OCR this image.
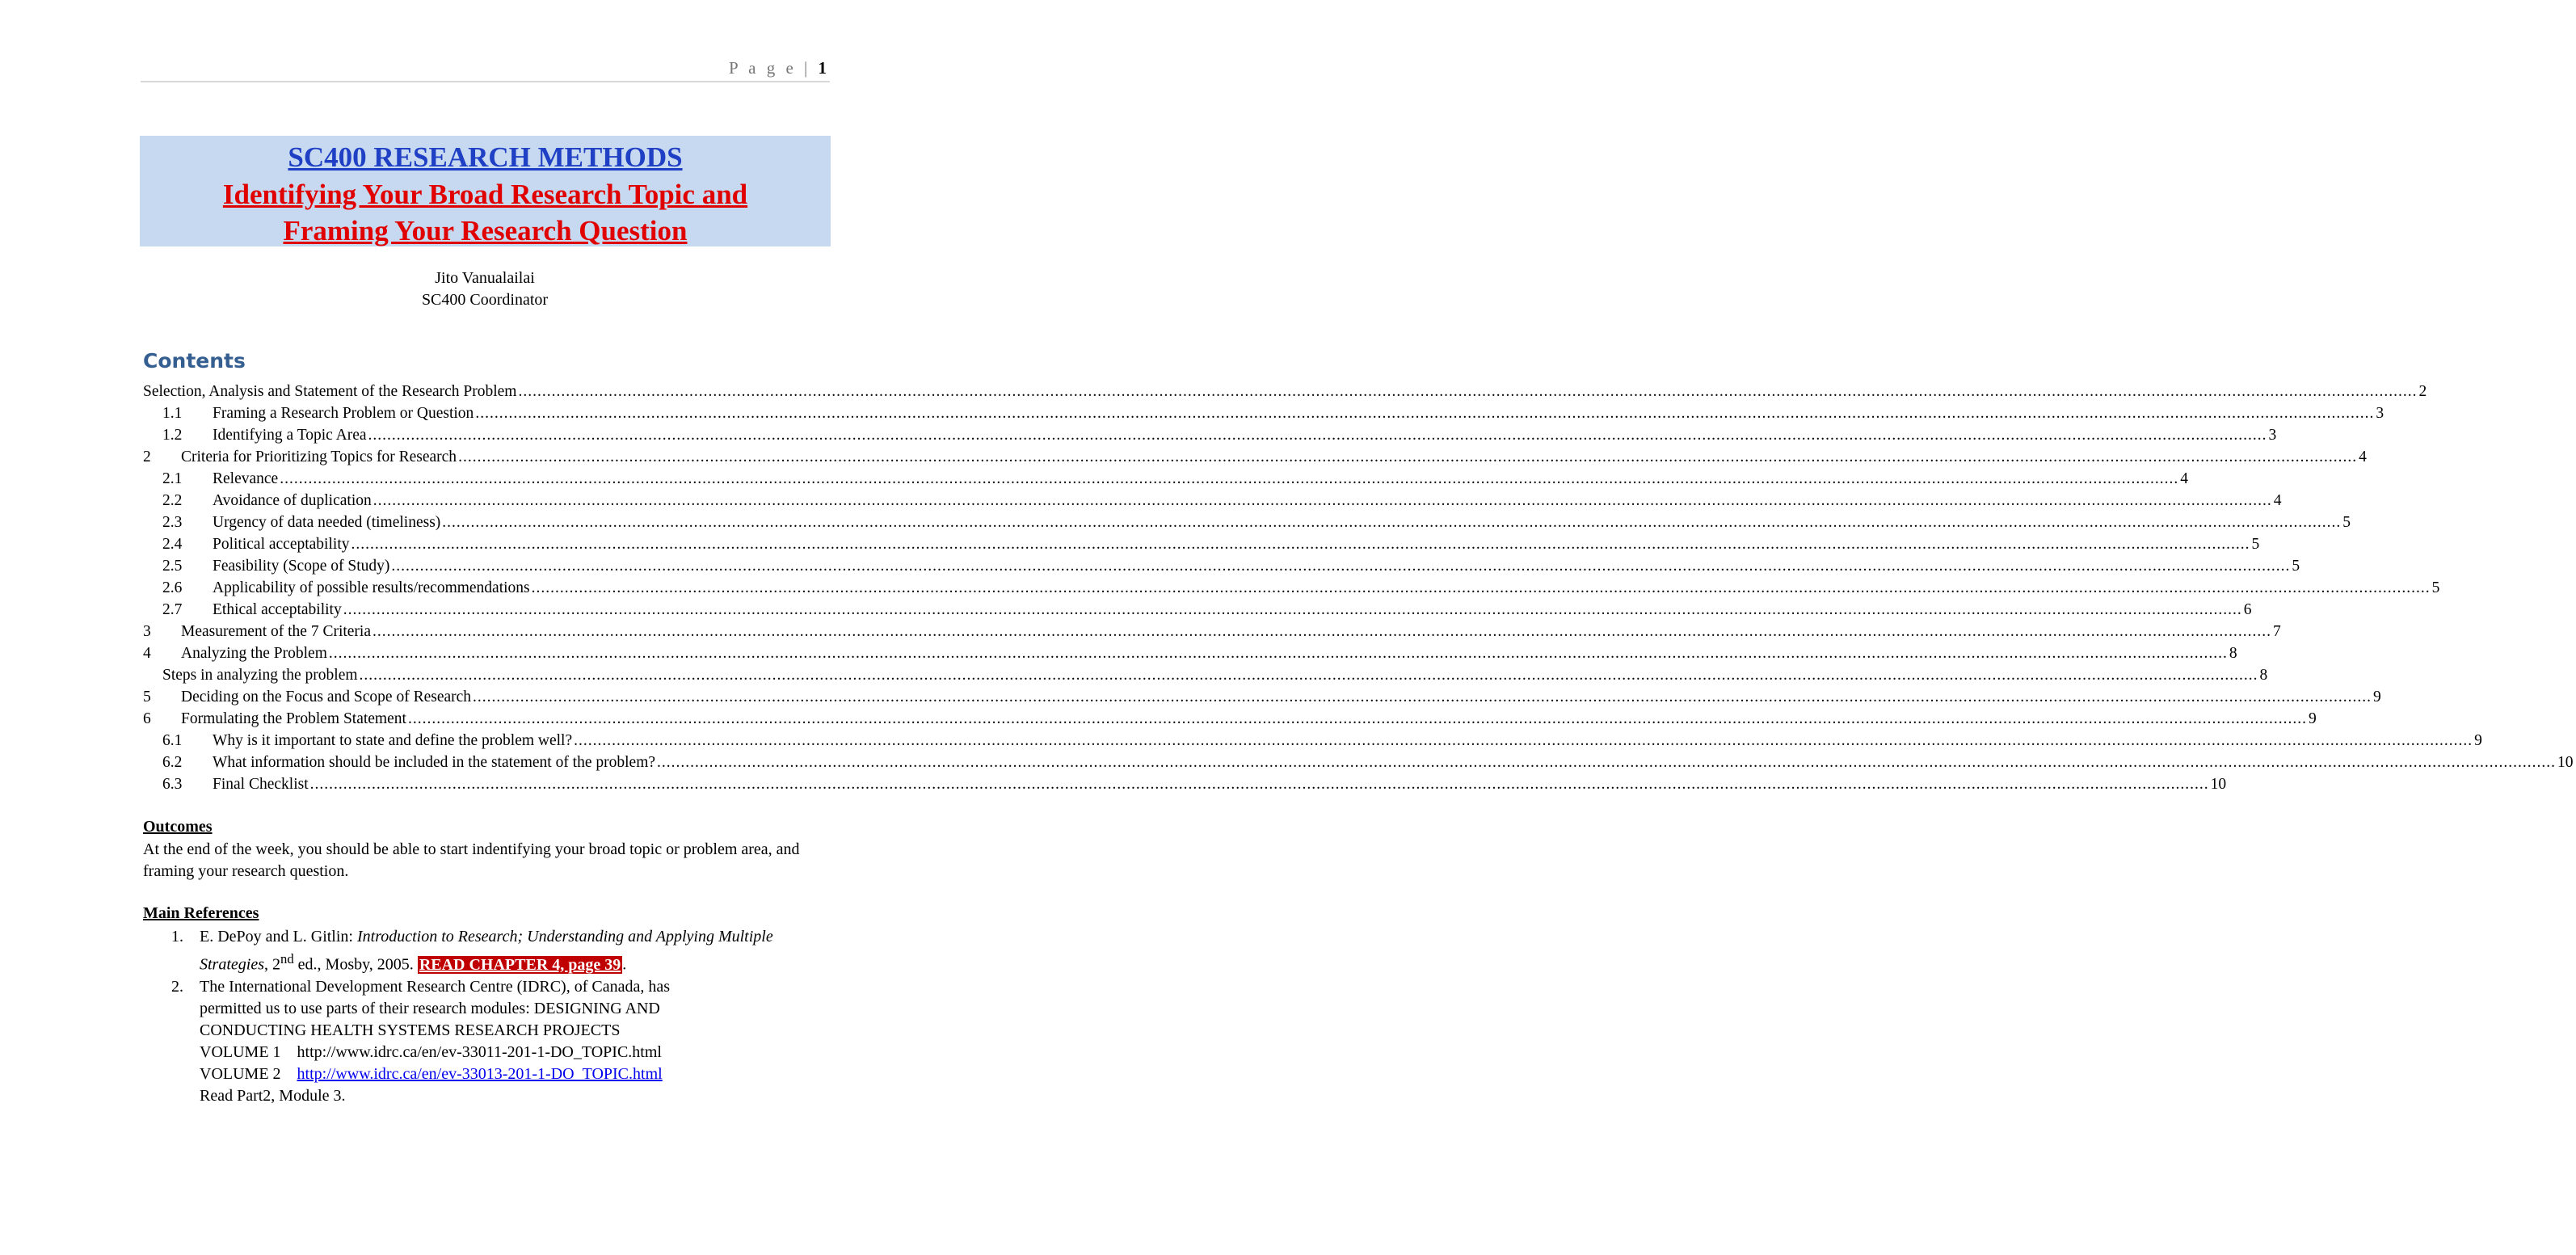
P a g e | 1
SC400 RESEARCH METHODS
Identifying Your Broad Research Topic and
Framing Your Research Question
Jito Vanualailai
SC400 Coordinator
Contents
Selection, Analysis and Statement of the Research Problem ................................................................................................................................................................................................................................................................................................................................................................................................................ 2
1.1	Framing a Research Problem or Question ................................................................................................................................................................................................................................................................................................................................................................................................................ 3
1.2	Identifying a Topic Area ................................................................................................................................................................................................................................................................................................................................................................................................................ 3
2	Criteria for Prioritizing Topics for Research ................................................................................................................................................................................................................................................................................................................................................................................................................ 4
2.1	Relevance ................................................................................................................................................................................................................................................................................................................................................................................................................ 4
2.2	Avoidance of duplication ................................................................................................................................................................................................................................................................................................................................................................................................................ 4
2.3	Urgency of data needed (timeliness) ................................................................................................................................................................................................................................................................................................................................................................................................................ 5
2.4	Political acceptability ................................................................................................................................................................................................................................................................................................................................................................................................................ 5
2.5	Feasibility (Scope of Study) ................................................................................................................................................................................................................................................................................................................................................................................................................ 5
2.6	Applicability of possible results/recommendations ................................................................................................................................................................................................................................................................................................................................................................................................................ 5
2.7	Ethical acceptability ................................................................................................................................................................................................................................................................................................................................................................................................................ 6
3	Measurement of the 7 Criteria ................................................................................................................................................................................................................................................................................................................................................................................................................ 7
4	Analyzing the Problem ................................................................................................................................................................................................................................................................................................................................................................................................................ 8
Steps in analyzing the problem ................................................................................................................................................................................................................................................................................................................................................................................................................ 8
5	Deciding on the Focus and Scope of Research ................................................................................................................................................................................................................................................................................................................................................................................................................ 9
6	Formulating the Problem Statement ................................................................................................................................................................................................................................................................................................................................................................................................................ 9
6.1	Why is it important to state and define the problem well? ................................................................................................................................................................................................................................................................................................................................................................................................................ 9
6.2	What information should be included in the statement of the problem? ................................................................................................................................................................................................................................................................................................................................................................................................................ 10
6.3	Final Checklist ................................................................................................................................................................................................................................................................................................................................................................................................................ 10
Outcomes
At the end of the week, you should be able to start indentifying your broad topic or problem area, and framing your research question.
Main References
1.	E. DePoy and L. Gitlin: Introduction to Research; Understanding and Applying Multiple Strategies, 2nd ed., Mosby, 2005. READ CHAPTER 4, page 39 .
2.	The International Development Research Centre (IDRC), of Canada, has
permitted us to use parts of their research modules: DESIGNING AND
CONDUCTING HEALTH SYSTEMS RESEARCH PROJECTS
VOLUME 1 http://www.idrc.ca/en/ev-33011-201-1-DO_TOPIC.html
VOLUME 2 http://www.idrc.ca/en/ev-33013-201-1-DO_TOPIC.html
Read Part2, Module 3.
